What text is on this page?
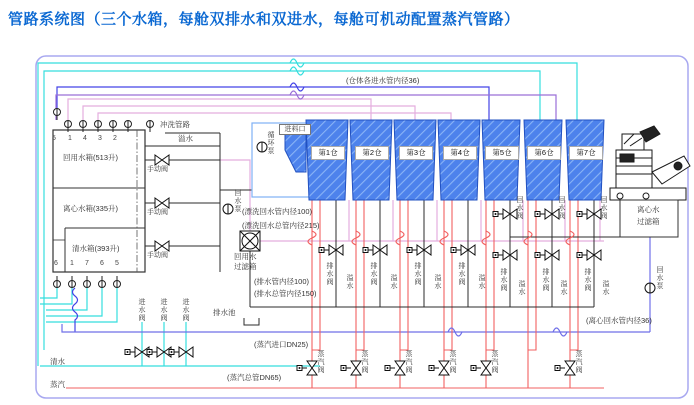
管路系统图（三个水箱，每舱双排水和双进水，每舱可机动配置蒸汽管路）
5 1 4 3 2
6 1 7 6 5
冲洗管路
溢水
回用水箱(513升)
离心水箱(335升)
清水箱(393升)
手动阀
手动阀
手动阀
循环泵
回水泵
回水泵
进料口
(仓体各进水管内径36)
第1仓	第2仓	第3仓	第4仓	第5仓	第6仓	第7仓
(漂洗回水管内径100)
(漂洗回水总管内径215)
回用水
过滤箱
(排水管内径100)
(排水总管内径150)
排水池
进水阀 进水阀 进水阀
清水
蒸汽
(蒸汽进口DN25)
(蒸汽总管DN65)
(离心回水管内径36)
排水阀	排水阀	排水阀	排水阀	排水阀	排水阀	排水阀
回水阀	回水阀	回水阀
溢水	溢水	溢水	溢水	溢水	溢水	溢水
蒸汽阀	蒸汽阀	蒸汽阀	蒸汽阀	蒸汽阀	蒸汽阀
离心水
过滤箱
